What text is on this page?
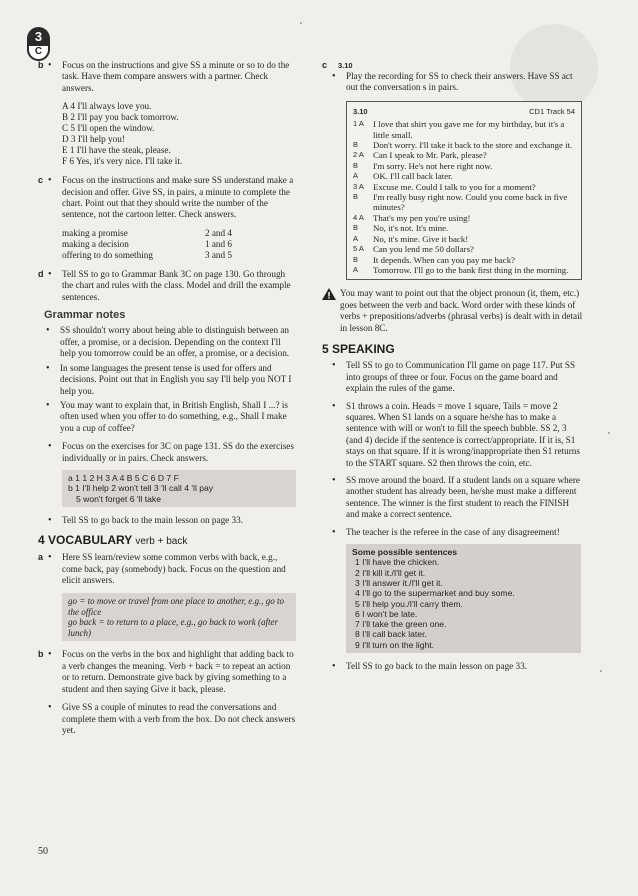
3
C
b • Focus on the instructions and give SS a minute or so to do the task. Have them compare answers with a partner. Check answers.
A 4 I'll always love you.
B 2 I'll pay you back tomorrow.
C 5 I'll open the window.
D 3 I'll help you!
E 1 I'll have the steak, please.
F 6 Yes, it's very nice. I'll take it.
c • Focus on the instructions and make sure SS understand make a decision and offer. Give SS, in pairs, a minute to complete the chart. Point out that they should write the number of the sentence, not the cartoon letter. Check answers.
making a promise	2 and 4
making a decision	1 and 6
offering to do something	3 and 5
d • Tell SS to go to Grammar Bank 3C on page 130. Go through the chart and rules with the class. Model and drill the example sentences.
Grammar notes
• SS shouldn't worry about being able to distinguish between an offer, a promise, or a decision. Depending on the context I'll help you tomorrow could be an offer, a promise, or a decision.
• In some languages the present tense is used for offers and decisions. Point out that in English you say I'll help you NOT I help you.
• You may want to explain that, in British English, Shall I ...? is often used when you offer to do something, e.g., Shall I make you a cup of coffee?
• Focus on the exercises for 3C on page 131. SS do the exercises individually or in pairs. Check answers.
a 1 1 2 H 3 A 4 B 5 C 6 D 7 F
b 1 I'll help 2 won't tell 3 'll call 4 'll pay
5 won't forget 6 'll take
• Tell SS to go back to the main lesson on page 33.
4 VOCABULARY verb + back
a • Here SS learn/review some common verbs with back, e.g., come back, pay (somebody) back. Focus on the question and elicit answers.
go = to move or travel from one place to another, e.g., go to the office
go back = to return to a place, e.g., go back to work (after lunch)
b • Focus on the verbs in the box and highlight that adding back to a verb changes the meaning. Verb + back = to repeat an action or to return. Demonstrate give back by giving something to a student and then saying Give it back, please.
• Give SS a couple of minutes to read the conversations and complete them with a verb from the box. Do not check answers yet.
c 3.10
• Play the recording for SS to check their answers. Have SS act out the conversation s in pairs.
3.10	CD1 Track 54
1 A I love that shirt you gave me for my birthday, but it's a little small.
B Don't worry. I'll take it back to the store and exchange it.
2 A Can I speak to Mr. Park, please?
B I'm sorry. He's not here right now.
A OK. I'll call back later.
3 A Excuse me. Could I talk to you for a moment?
B I'm really busy right now. Could you come back in five minutes?
4 A That's my pen you're using!
B No, it's not. It's mine.
A No, it's mine. Give it back!
5 A Can you lend me 50 dollars?
B It depends. When can you pay me back?
A Tomorrow. I'll go to the bank first thing in the morning.
You may want to point out that the object pronoun (it, them, etc.) goes between the verb and back. Word order with these kinds of verbs + prepositions/adverbs (phrasal verbs) is dealt with in detail in lesson 8C.
5 SPEAKING
• Tell SS to go to Communication I'll game on page 117. Put SS into groups of three or four. Focus on the game board and explain the rules of the game.
• S1 throws a coin. Heads = move 1 square, Tails = move 2 squares. When S1 lands on a square he/she has to make a sentence with will or won't to fill the speech bubble. SS 2, 3 (and 4) decide if the sentence is correct/appropriate. If it is, S1 stays on that square. If it is wrong/inappropriate then S1 returns to the START square. S2 then throws the coin, etc.
• SS move around the board. If a student lands on a square where another student has already been, he/she must make a different sentence. The winner is the first student to reach the FINISH and make a correct sentence.
• The teacher is the referee in the case of any disagreement!
Some possible sentences
1 I'll have the chicken.
2 I'll kill it./I'll get it.
3 I'll answer it./I'll get it.
4 I'll go to the supermarket and buy some.
5 I'll help you./I'll carry them.
6 I won't be late.
7 I'll take the green one.
8 I'll call back later.
9 I'll turn on the light.
• Tell SS to go back to the main lesson on page 33.
50
